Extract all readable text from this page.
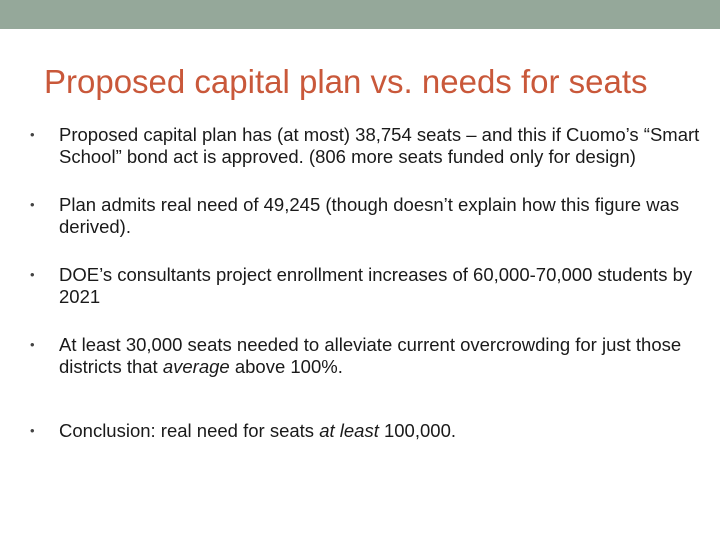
Proposed capital plan vs. needs for seats
• Proposed capital plan has (at most) 38,754 seats – and this if Cuomo’s “Smart School” bond act is approved. (806 more seats funded only for design)
• Plan admits real need of 49,245 (though doesn’t explain how this figure was derived).
• DOE’s consultants project enrollment increases of 60,000-70,000 students by 2021
• At least 30,000 seats needed to alleviate current overcrowding for just those districts that average above 100%.
• Conclusion: real need for seats at least 100,000.
